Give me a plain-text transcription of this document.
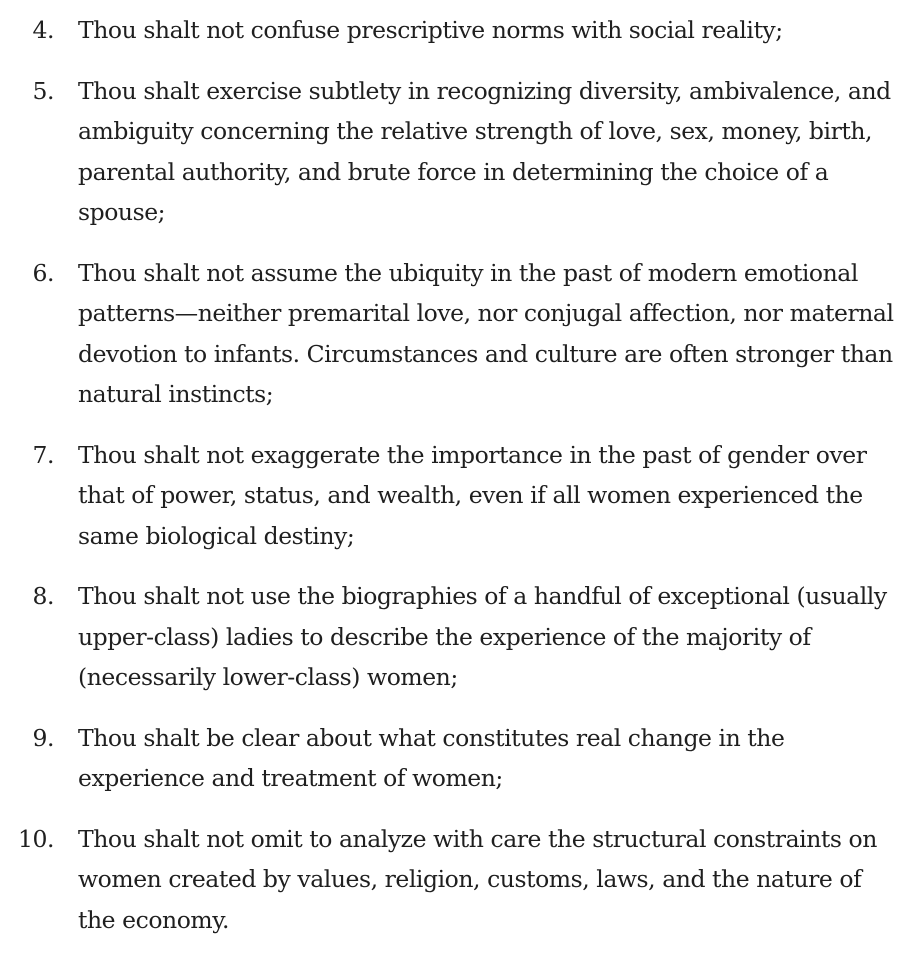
4. Thou shalt not confuse prescriptive norms with social reality;
5. Thou shalt exercise subtlety in recognizing diversity, ambivalence, and ambiguity concerning the relative strength of love, sex, money, birth, parental authority, and brute force in determining the choice of a spouse;
6. Thou shalt not assume the ubiquity in the past of modern emotional patterns—neither premarital love, nor conjugal affection, nor maternal devotion to infants. Circumstances and culture are often stronger than natural instincts;
7. Thou shalt not exaggerate the importance in the past of gender over that of power, status, and wealth, even if all women experienced the same biological destiny;
8. Thou shalt not use the biographies of a handful of exceptional (usually upper-class) ladies to describe the experience of the majority of (necessarily lower-class) women;
9. Thou shalt be clear about what constitutes real change in the experience and treatment of women;
10. Thou shalt not omit to analyze with care the structural constraints on women created by values, religion, customs, laws, and the nature of the economy.
